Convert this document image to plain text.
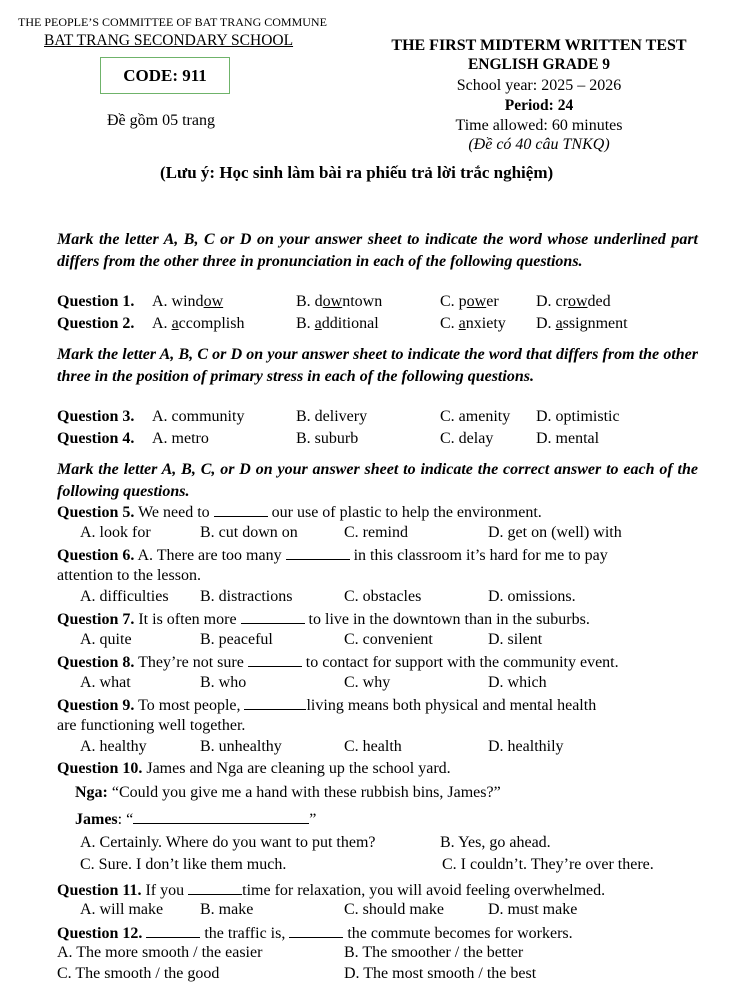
THE PEOPLE’S COMMITTEE OF BAT TRANG COMMUNE
BAT TRANG SECONDARY SCHOOL
CODE: 911
Đề gồm 05 trang
THE FIRST MIDTERM WRITTEN TEST
ENGLISH GRADE 9
School year: 2025 – 2026
Period: 24
Time allowed: 60 minutes
(Đề có 40 câu TNKQ)
(Lưu ý: Học sinh làm bài ra phiếu trả lời trắc nghiệm)
Mark the letter A, B, C or D on your answer sheet to indicate the word whose underlined part differs from the other three in pronunciation in each of the following questions.
Question 1. A. window	B. downtown	C. power D. crowded
Question 2. A. accomplish	B. additional	C. anxiety D. assignment
Mark the letter A, B, C or D on your answer sheet to indicate the word that differs from the other three in the position of primary stress in each of the following questions.
Question 3. A. community	B. delivery	C. amenity D. optimistic
Question 4. A. metro	B. suburb	C. delay	D. mental
Mark the letter A, B, C, or D on your answer sheet to indicate the correct answer to each of the following questions.
Question 5. We need to	our use of plastic to help the environment.
A. look for	B. cut down on	C. remind	D. get on (well) with
Question 6. A. There are too many	in this classroom it’s hard for me to pay
attention to the lesson.
A. difficulties B. distractions	C. obstacles	D. omissions.
Question 7. It is often more	to live in the downtown than in the suburbs.
A. quite	B. peaceful	C. convenient	D. silent
Question 8. They’re not sure	to contact for support with the community event.
A. what	B. who	C. why	D. which
Question 9. To most people,	living means both physical and mental health
are functioning well together.
A. healthy	B. unhealthy	C. health	D. healthily
Question 10. James and Nga are cleaning up the school yard.
Nga: “Could you give me a hand with these rubbish bins, James?”
James: “	”
A. Certainly. Where do you want to put them?	B. Yes, go ahead.
C. Sure. I don’t like them much.	C. I couldn’t. They’re over there.
Question 11. If you	time for relaxation, you will avoid feeling overwhelmed.
A. will make B. make	C. should make	D. must make
Question 12.	the traffic is,	the commute becomes for workers.
A. The more smooth / the easier	B. The smoother / the better
C. The smooth / the good	D. The most smooth / the best
